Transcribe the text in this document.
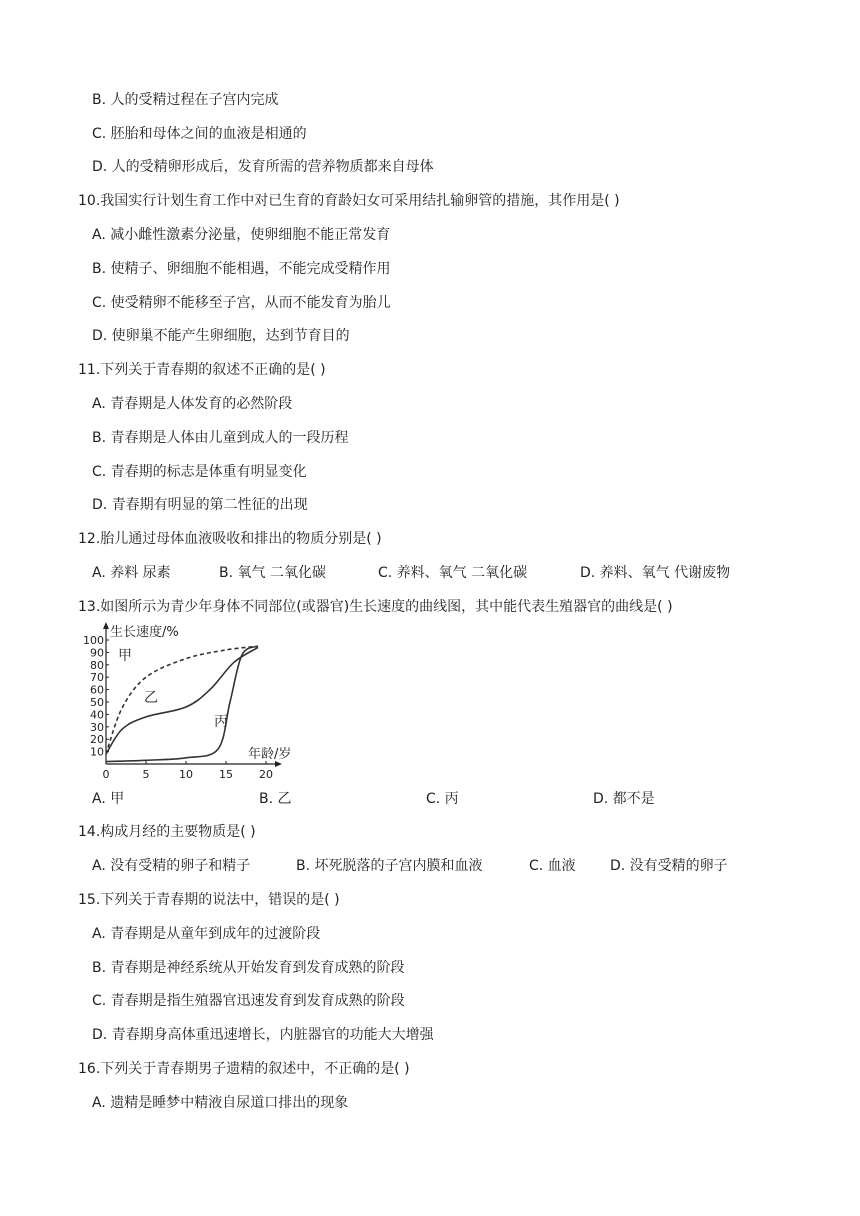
B. 人的受精过程在子宫内完成
C. 胚胎和母体之间的血液是相通的
D. 人的受精卵形成后，发育所需的营养物质都来自母体
10.我国实行计划生育工作中对已生育的育龄妇女可采用结扎输卵管的措施，其作用是( )
A. 减小雌性激素分泌量，使卵细胞不能正常发育
B. 使精子、卵细胞不能相遇，不能完成受精作用
C. 使受精卵不能移至子宫，从而不能发育为胎儿
D. 使卵巢不能产生卵细胞，达到节育目的
11.下列关于青春期的叙述不正确的是( )
A. 青春期是人体发育的必然阶段
B. 青春期是人体由儿童到成人的一段历程
C. 青春期的标志是体重有明显变化
D. 青春期有明显的第二性征的出现
12.胎儿通过母体血液吸收和排出的物质分别是( )
A. 养料 尿素	B. 氧气 二氧化碳	C. 养料、氧气 二氧化碳	D. 养料、氧气 代谢废物
13.如图所示为青少年身体不同部位(或器官)生长速度的曲线图，其中能代表生殖器官的曲线是( )
生长速度/%
年龄/岁
10
20
30
40
50
60
70
80
90
100
0	5	10 15 20
甲
乙
丙
A. 甲	B. 乙	C. 丙	D. 都不是
14.构成月经的主要物质是( )
A. 没有受精的卵子和精子	B. 坏死脱落的子宫内膜和血液	C. 血液 D. 没有受精的卵子
15.下列关于青春期的说法中，错误的是( )
A. 青春期是从童年到成年的过渡阶段
B. 青春期是神经系统从开始发育到发育成熟的阶段
C. 青春期是指生殖器官迅速发育到发育成熟的阶段
D. 青春期身高体重迅速增长，内脏器官的功能大大增强
16.下列关于青春期男子遗精的叙述中，不正确的是( )
A. 遗精是睡梦中精液自尿道口排出的现象
